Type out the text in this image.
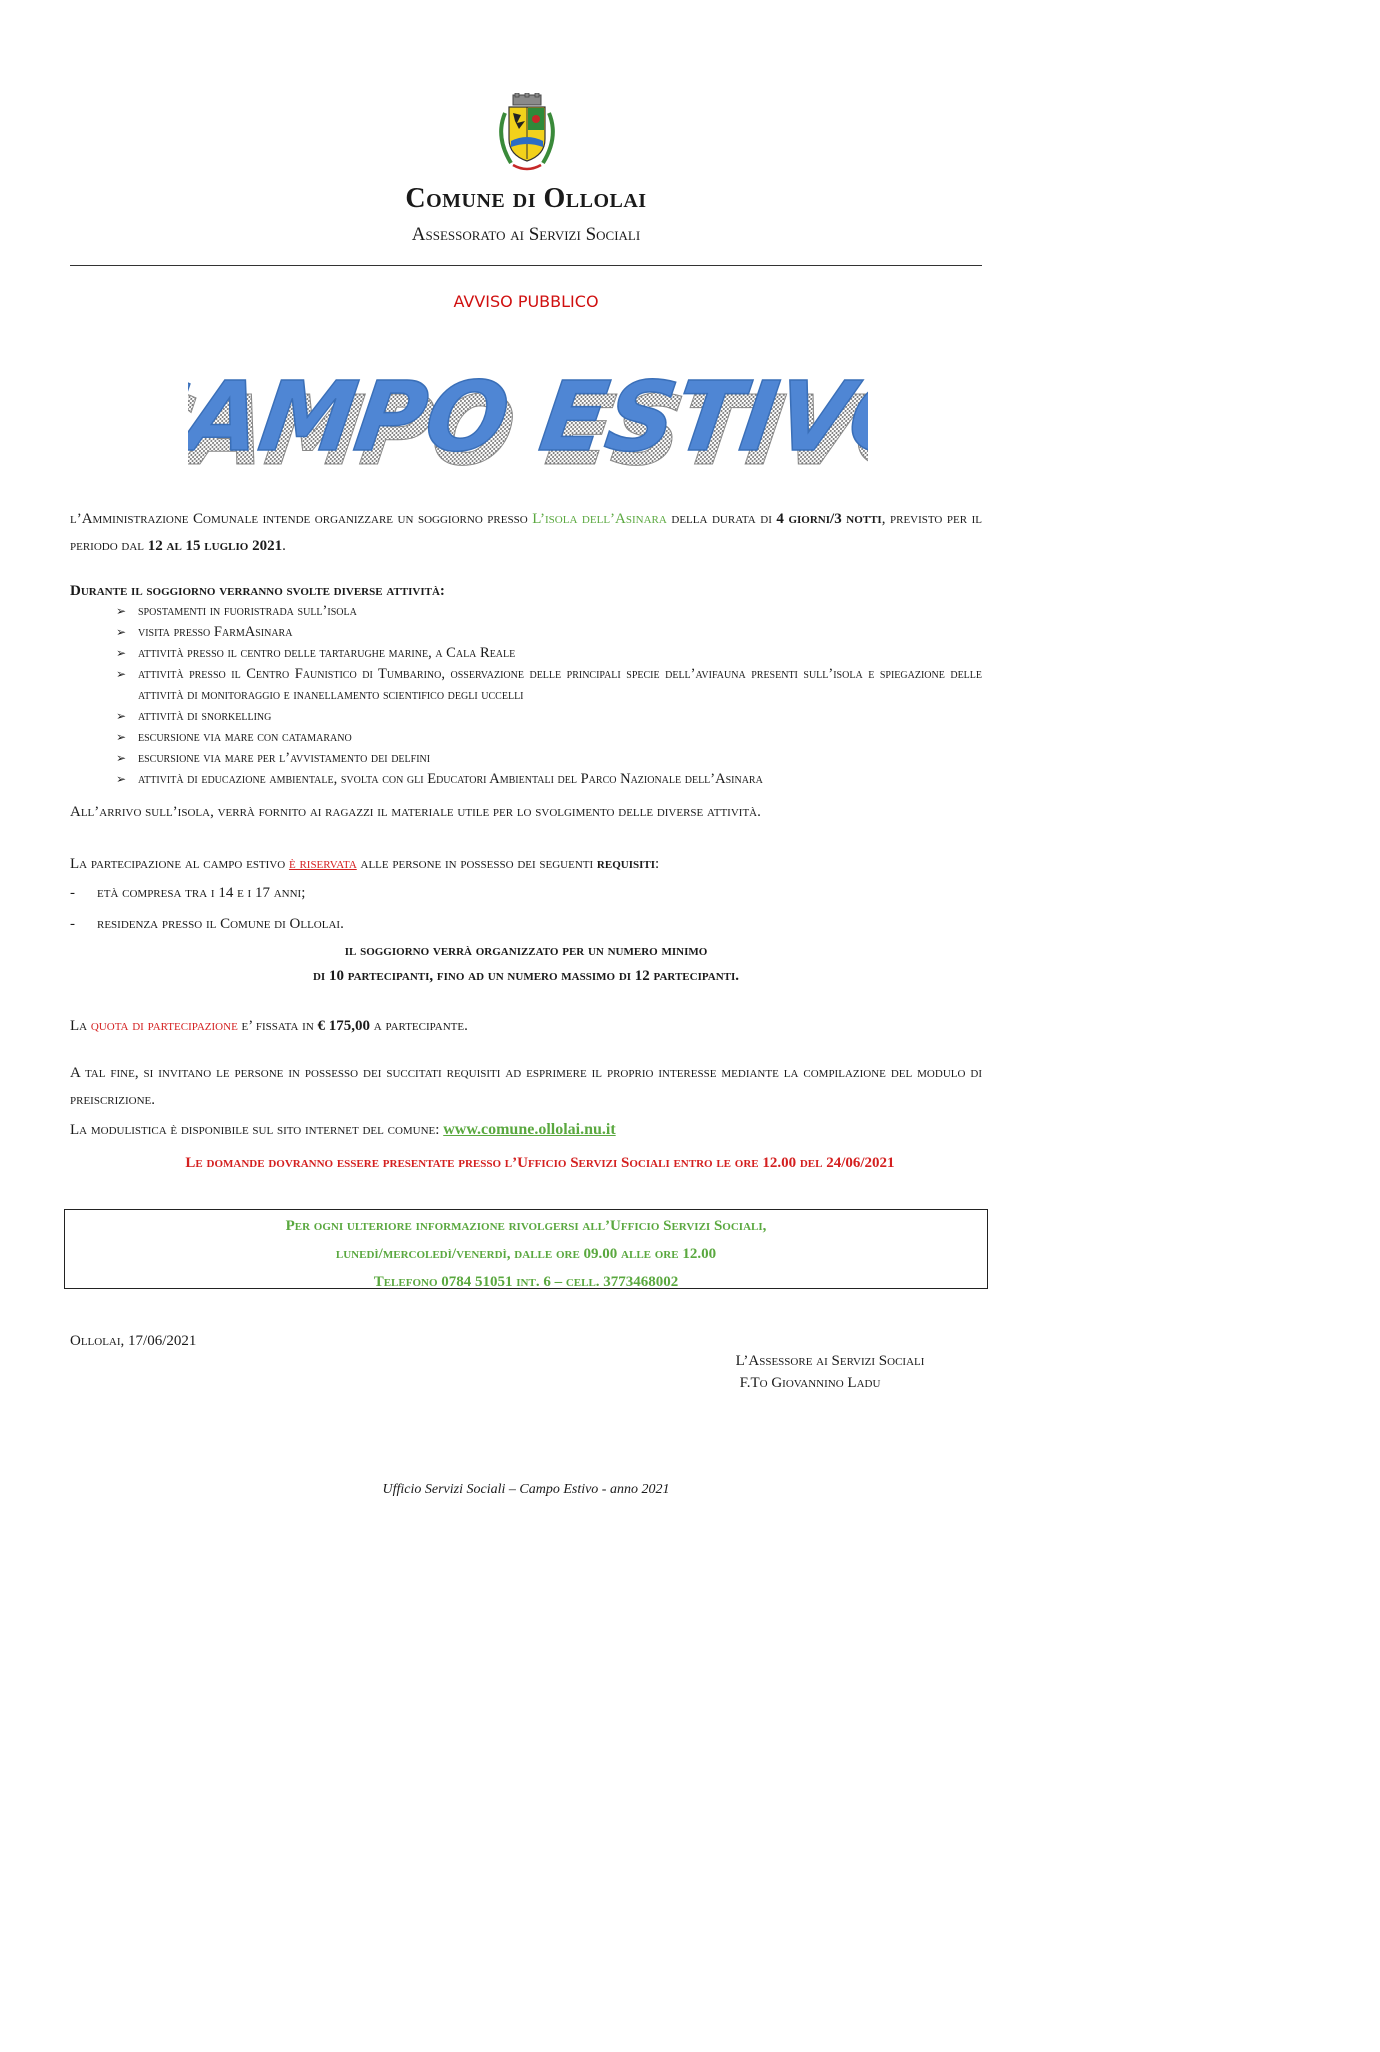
Comune di Ollolai
Assessorato ai Servizi Sociali
AVVISO PUBBLICO
CAMPO ESTIVO
CAMPO ESTIVO
l’Amministrazione Comunale intende organizzare un soggiorno presso L’isola dell’Asinara della durata di 4 giorni/3 notti, previsto per il periodo dal 12 al 15 luglio 2021.
Durante il soggiorno verranno svolte diverse attività:
➢ spostamenti in fuoristrada sull’isola
➢ visita presso FarmAsinara
➢ attività presso il centro delle tartarughe marine, a Cala Reale
➢ attività presso il Centro Faunistico di Tumbarino, osservazione delle principali specie dell’avifauna presenti sull’isola e spiegazione delle attività di monitoraggio e inanellamento scientifico degli uccelli
➢ attività di snorkelling
➢ escursione via mare con catamarano
➢ escursione via mare per l’avvistamento dei delfini
➢ attività di educazione ambientale, svolta con gli Educatori Ambientali del Parco Nazionale dell’Asinara
All’arrivo sull’isola, verrà fornito ai ragazzi il materiale utile per lo svolgimento delle diverse attività.
La partecipazione al campo estivo è riservata alle persone in possesso dei seguenti requisiti:
- età compresa tra i 14 e i 17 anni;
- residenza presso il Comune di Ollolai.
il soggiorno verrà organizzato per un numero minimo
di 10 partecipanti, fino ad un numero massimo di 12 partecipanti.
La quota di partecipazione e’ fissata in € 175,00 a partecipante.
A tal fine, si invitano le persone in possesso dei succitati requisiti ad esprimere il proprio interesse mediante la compilazione del modulo di preiscrizione.
La modulistica è disponibile sul sito internet del comune: www.comune.ollolai.nu.it
Le domande dovranno essere presentate presso l’Ufficio Servizi Sociali entro le ore 12.00 del 24/06/2021
Per ogni ulteriore informazione rivolgersi all’Ufficio Servizi Sociali,
lunedì/mercoledì/venerdì, dalle ore 09.00 alle ore 12.00
Telefono 0784 51051 int. 6 – cell. 3773468002
Ollolai, 17/06/2021
L’Assessore ai Servizi Sociali
F.To Giovannino Ladu
Ufficio Servizi Sociali – Campo Estivo - anno 2021
